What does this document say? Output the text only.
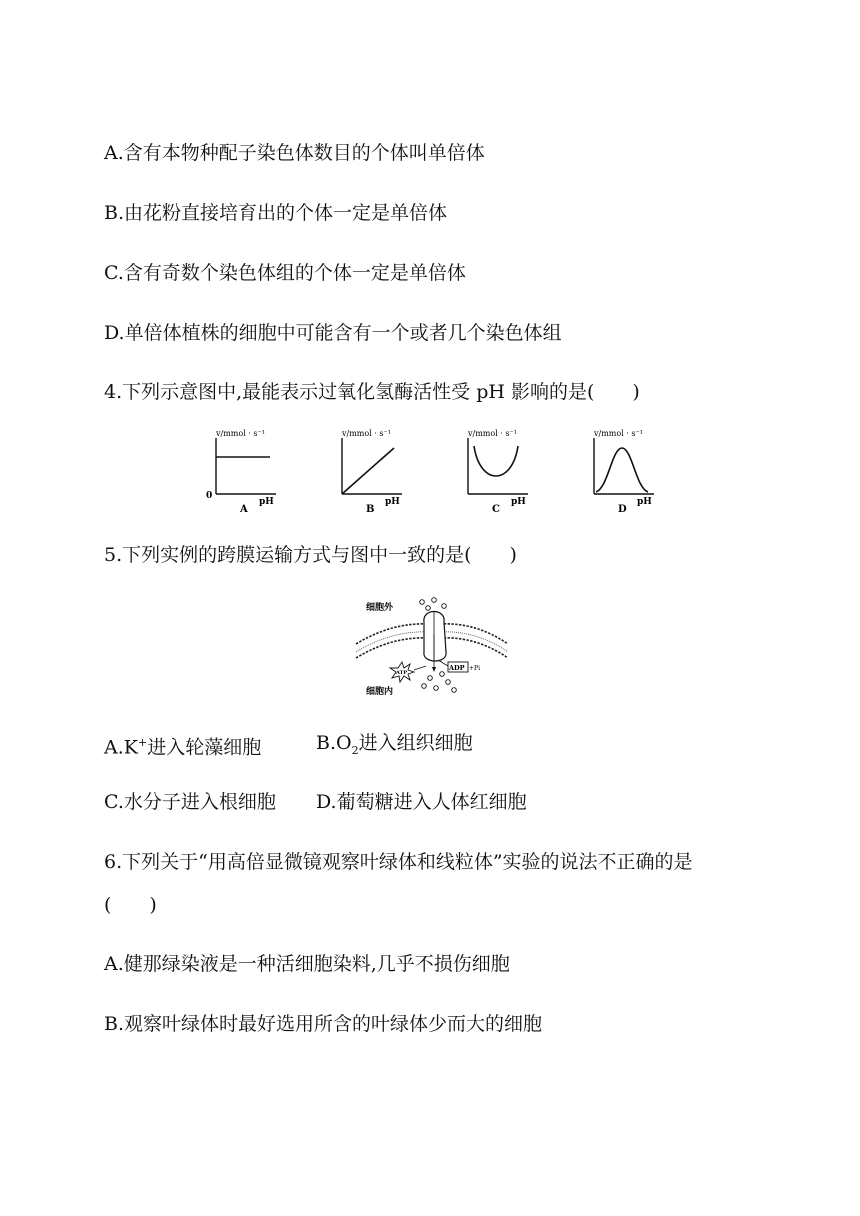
A.含有本物种配子染色体数目的个体叫单倍体
B.由花粉直接培育出的个体一定是单倍体
C.含有奇数个染色体组的个体一定是单倍体
D.单倍体植株的细胞中可能含有一个或者几个染色体组
4.下列示意图中,最能表示过氧化氢酶活性受 pH 影响的是(　　)
v/mmol · s⁻¹
0
pH
A
v/mmol · s⁻¹
pH
B
v/mmol · s⁻¹
pH
C
v/mmol · s⁻¹
pH
D
5.下列实例的跨膜运输方式与图中一致的是(　　)
细胞外
细胞内
ATP
ADP +Pi
A.K+进入轮藻细胞	$B.O_2$进入组织细胞
C.水分子进入根细胞 D.葡萄糖进入人体红细胞
6.下列关于“用高倍显微镜观察叶绿体和线粒体”实验的说法不正确的是
(　　)
A.健那绿染液是一种活细胞染料,几乎不损伤细胞
B.观察叶绿体时最好选用所含的叶绿体少而大的细胞
